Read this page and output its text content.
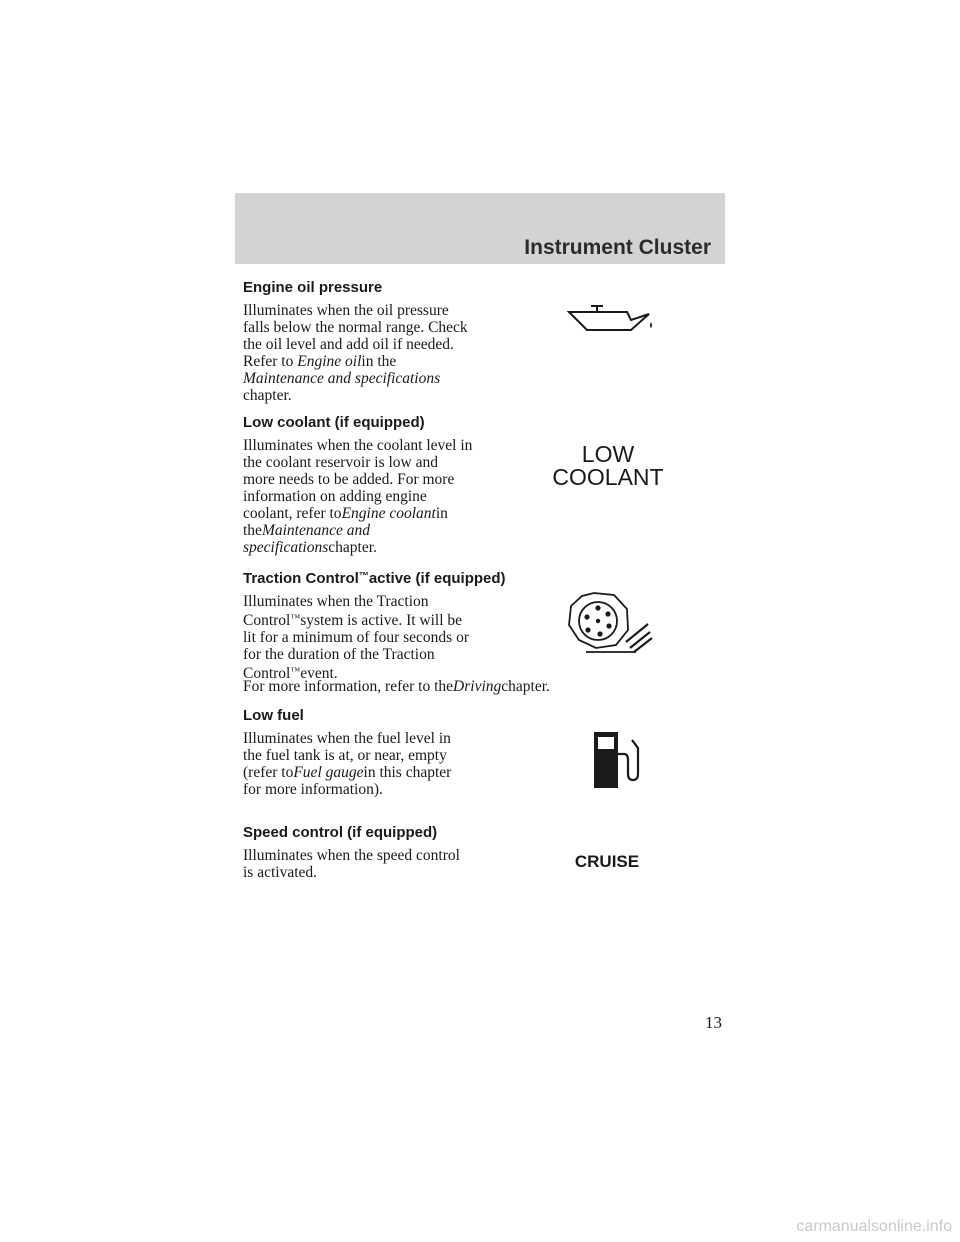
Instrument Cluster
Engine oil pressure
Illuminates when the oil pressure
falls below the normal range. Check
the oil level and add oil if needed.
Refer to Engine oilin the
Maintenance and specifications
chapter.
Low coolant (if equipped)
Illuminates when the coolant level in
the coolant reservoir is low and
more needs to be added. For more
information on adding engine
coolant, refer toEngine coolantin
theMaintenance and
specificationschapter.
LOW
COOLANT
Traction Control™active (if equipped)
Illuminates when the Traction
Control™system is active. It will be
lit for a minimum of four seconds or
for the duration of the Traction
Control™event.
For more information, refer to theDrivingchapter.
Low fuel
Illuminates when the fuel level in
the fuel tank is at, or near, empty
(refer toFuel gaugein this chapter
for more information).
Speed control (if equipped)
Illuminates when the speed control
is activated.
CRUISE
13
carmanualsonline.info
